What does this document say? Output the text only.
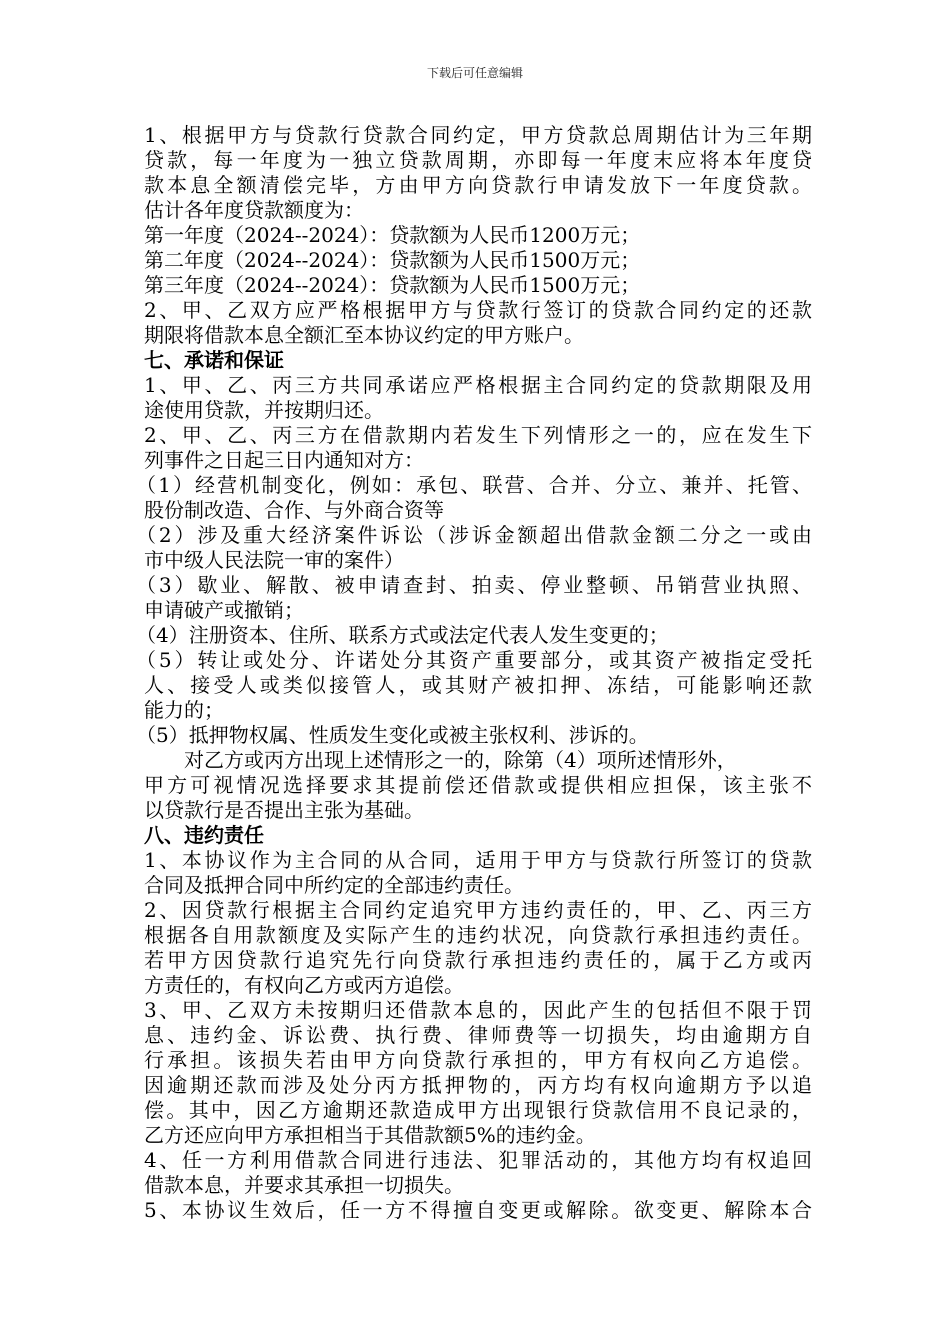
下载后可任意编辑
1、根据甲方与贷款行贷款合同约定，甲方贷款总周期估计为三年期
贷款，每一年度为一独立贷款周期，亦即每一年度末应将本年度贷
款本息全额清偿完毕，方由甲方向贷款行申请发放下一年度贷款。
估计各年度贷款额度为：
第一年度（2024--2024）：贷款额为人民币1200万元；
第二年度（2024--2024）：贷款额为人民币1500万元；
第三年度（2024--2024）：贷款额为人民币1500万元；
2、甲、乙双方应严格根据甲方与贷款行签订的贷款合同约定的还款
期限将借款本息全额汇至本协议约定的甲方账户。
七、承诺和保证
1、甲、乙、丙三方共同承诺应严格根据主合同约定的贷款期限及用
途使用贷款，并按期归还。
2、甲、乙、丙三方在借款期内若发生下列情形之一的，应在发生下
列事件之日起三日内通知对方：
（1）经营机制变化，例如：承包、联营、合并、分立、兼并、托管、
股份制改造、合作、与外商合资等
（2）涉及重大经济案件诉讼（涉诉金额超出借款金额二分之一或由
市中级人民法院一审的案件）
（3）歇业、解散、被申请查封、拍卖、停业整顿、吊销营业执照、
申请破产或撤销；
（4）注册资本、住所、联系方式或法定代表人发生变更的；
（5）转让或处分、许诺处分其资产重要部分，或其资产被指定受托
人、接受人或类似接管人，或其财产被扣押、冻结，可能影响还款
能力的；
（5）抵押物权属、性质发生变化或被主张权利、涉诉的。
对乙方或丙方出现上述情形之一的，除第（4）项所述情形外，
甲方可视情况选择要求其提前偿还借款或提供相应担保，该主张不
以贷款行是否提出主张为基础。
八、违约责任
1、本协议作为主合同的从合同，适用于甲方与贷款行所签订的贷款
合同及抵押合同中所约定的全部违约责任。
2、因贷款行根据主合同约定追究甲方违约责任的，甲、乙、丙三方
根据各自用款额度及实际产生的违约状况，向贷款行承担违约责任。
若甲方因贷款行追究先行向贷款行承担违约责任的，属于乙方或丙
方责任的，有权向乙方或丙方追偿。
3、甲、乙双方未按期归还借款本息的，因此产生的包括但不限于罚
息、违约金、诉讼费、执行费、律师费等一切损失，均由逾期方自
行承担。该损失若由甲方向贷款行承担的，甲方有权向乙方追偿。
因逾期还款而涉及处分丙方抵押物的，丙方均有权向逾期方予以追
偿。其中，因乙方逾期还款造成甲方出现银行贷款信用不良记录的，
乙方还应向甲方承担相当于其借款额5%的违约金。
4、任一方利用借款合同进行违法、犯罪活动的，其他方均有权追回
借款本息，并要求其承担一切损失。
5、本协议生效后，任一方不得擅自变更或解除。欲变更、解除本合
